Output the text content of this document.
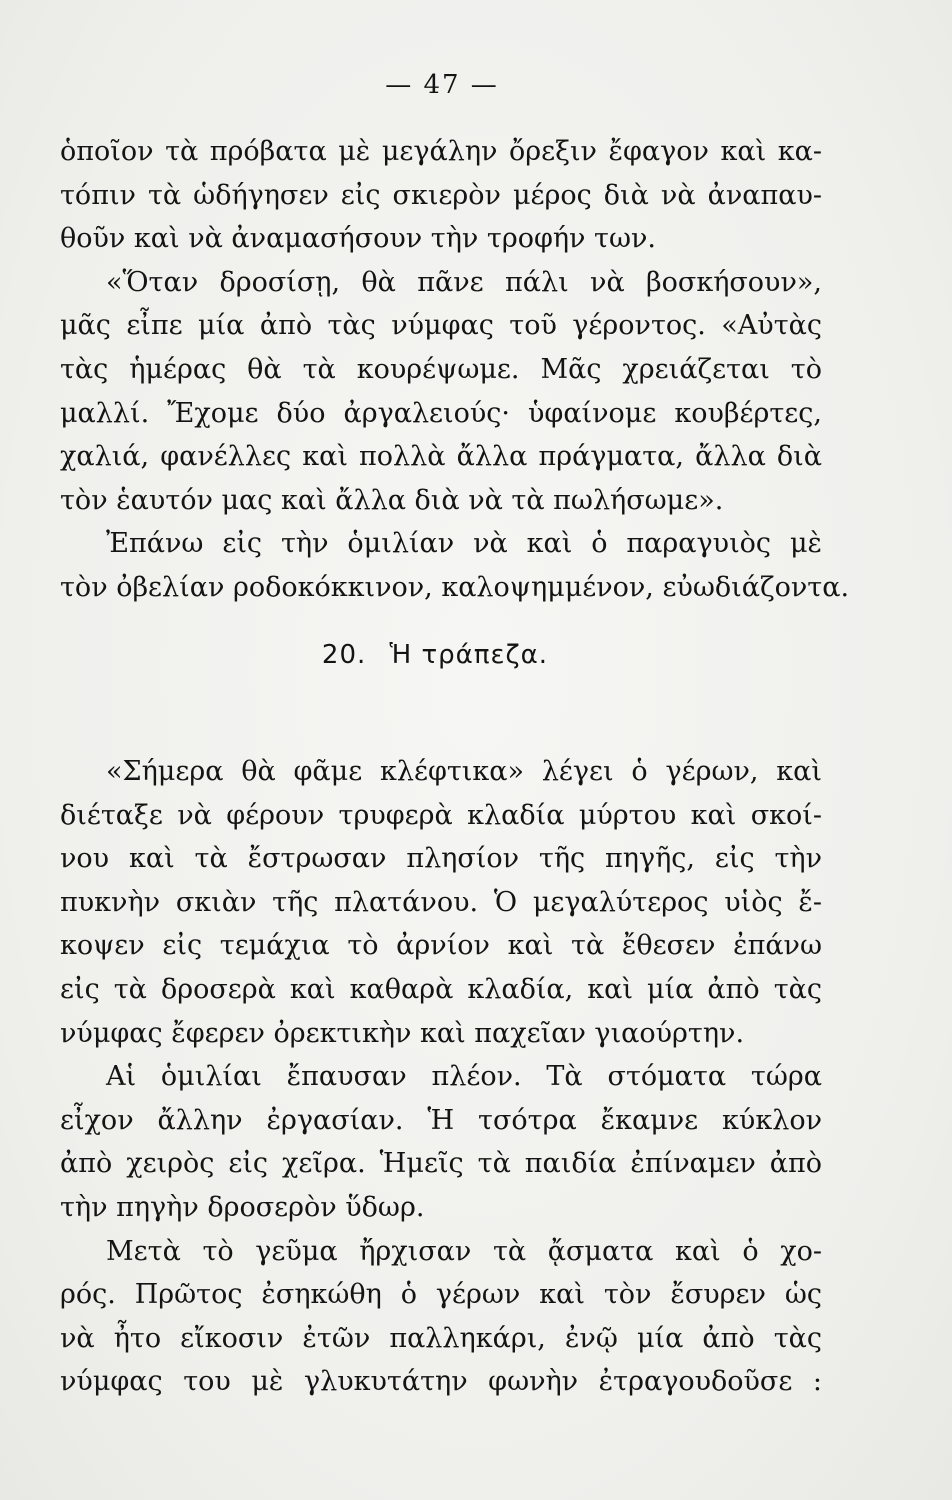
— 47 —
ὁποῖον τὰ πρόβατα μὲ μεγάλην ὄρεξιν ἔφαγον καὶ κα-
τόπιν τὰ ὡδήγησεν εἰς σκιερὸν μέρος διὰ νὰ ἀναπαυ-
θοῦν καὶ νὰ ἀναμασήσουν τὴν τροφήν των.
«Ὅταν δροσίσῃ, θὰ πᾶνε πάλι νὰ βοσκήσουν»,
μᾶς εἶπε μία ἀπὸ τὰς νύμφας τοῦ γέροντος. «Αὐτὰς
τὰς ἡμέρας θὰ τὰ κουρέψωμε. Μᾶς χρειάζεται τὸ
μαλλί. Ἔχομε δύο ἀργαλειούς· ὑφαίνομε κουβέρτες,
χαλιά, φανέλλες καὶ πολλὰ ἄλλα πράγματα, ἄλλα διὰ
τὸν ἑαυτόν μας καὶ ἄλλα διὰ νὰ τὰ πωλήσωμε».
Ἐπάνω εἰς τὴν ὁμιλίαν νὰ καὶ ὁ παραγυιὸς μὲ
τὸν ὀβελίαν ροδοκόκκινον, καλοψημμένον, εὐωδιάζοντα.
20. Ἡ τράπεζα.
«Σήμερα θὰ φᾶμε κλέφτικα» λέγει ὁ γέρων, καὶ
διέταξε νὰ φέρουν τρυφερὰ κλαδία μύρτου καὶ σκοί-
νου καὶ τὰ ἔστρωσαν πλησίον τῆς πηγῆς, εἰς τὴν
πυκνὴν σκιὰν τῆς πλατάνου. Ὁ μεγαλύτερος υἱὸς ἔ-
κοψεν εἰς τεμάχια τὸ ἀρνίον καὶ τὰ ἔθεσεν ἐπάνω
εἰς τὰ δροσερὰ καὶ καθαρὰ κλαδία, καὶ μία ἀπὸ τὰς
νύμφας ἔφερεν ὀρεκτικὴν καὶ παχεῖαν γιαούρτην.
Αἱ ὁμιλίαι ἔπαυσαν πλέον. Τὰ στόματα τώρα
εἶχον ἄλλην ἐργασίαν. Ἡ τσότρα ἔκαμνε κύκλον
ἀπὸ χειρὸς εἰς χεῖρα. Ἡμεῖς τὰ παιδία ἐπίναμεν ἀπὸ
τὴν πηγὴν δροσερὸν ὕδωρ.
Μετὰ τὸ γεῦμα ἤρχισαν τὰ ᾄσματα καὶ ὁ χο-
ρός. Πρῶτος ἐσηκώθη ὁ γέρων καὶ τὸν ἔσυρεν ὡς
νὰ ἦτο εἴκοσιν ἐτῶν παλληκάρι, ἐνῷ μία ἀπὸ τὰς
νύμφας του μὲ γλυκυτάτην φωνὴν ἐτραγουδοῦσε :
